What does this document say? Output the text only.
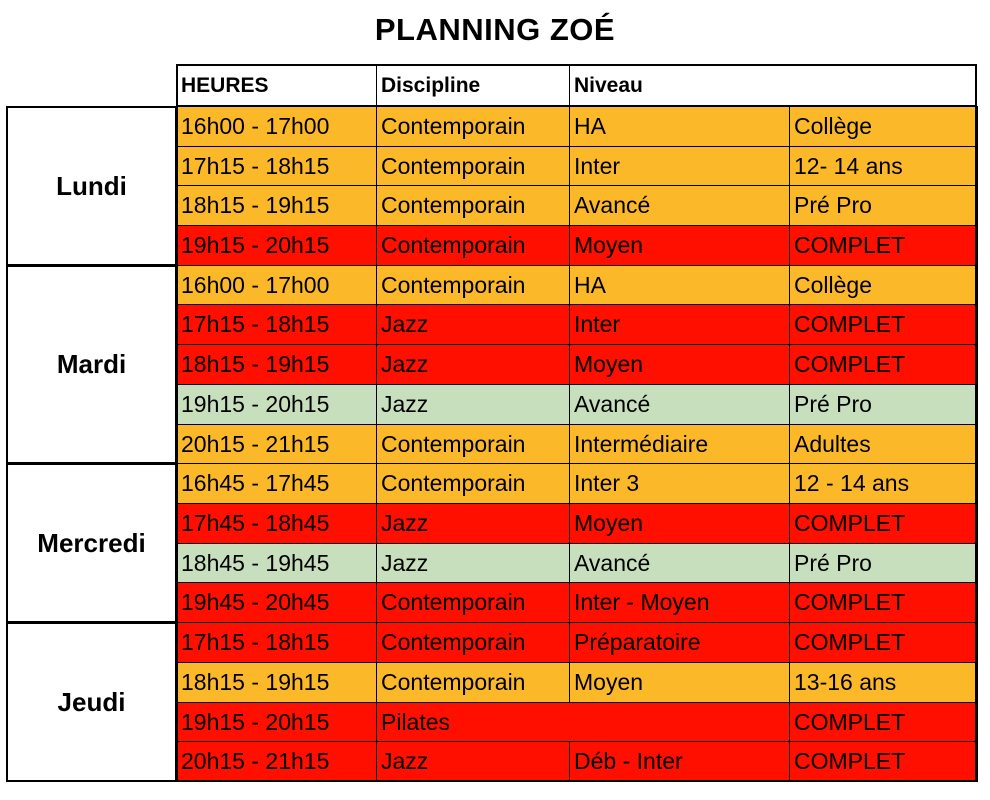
PLANNING ZOÉ
HEURES	Discipline	Niveau
16h00 - 17h00	Contemporain	HA	Collège
17h15 - 18h15	Contemporain	Inter	12- 14 ans
18h15 - 19h15	Contemporain	Avancé	Pré Pro
19h15 - 20h15	Contemporain	Moyen	COMPLET
Lundi
16h00 - 17h00	Contemporain	HA	Collège
17h15 - 18h15	Jazz	Inter	COMPLET
18h15 - 19h15	Jazz	Moyen	COMPLET
19h15 - 20h15	Jazz	Avancé	Pré Pro
20h15 - 21h15	Contemporain	Intermédiaire	Adultes
Mardi
16h45 - 17h45	Contemporain	Inter 3	12 - 14 ans
17h45 - 18h45	Jazz	Moyen	COMPLET
18h45 - 19h45	Jazz	Avancé	Pré Pro
19h45 - 20h45	Contemporain	Inter - Moyen	COMPLET
Mercredi
17h15 - 18h15	Contemporain	Préparatoire	COMPLET
18h15 - 19h15	Contemporain	Moyen	13-16 ans
19h15 - 20h15	Pilates	COMPLET
20h15 - 21h15	Jazz	Déb - Inter	COMPLET
Jeudi
